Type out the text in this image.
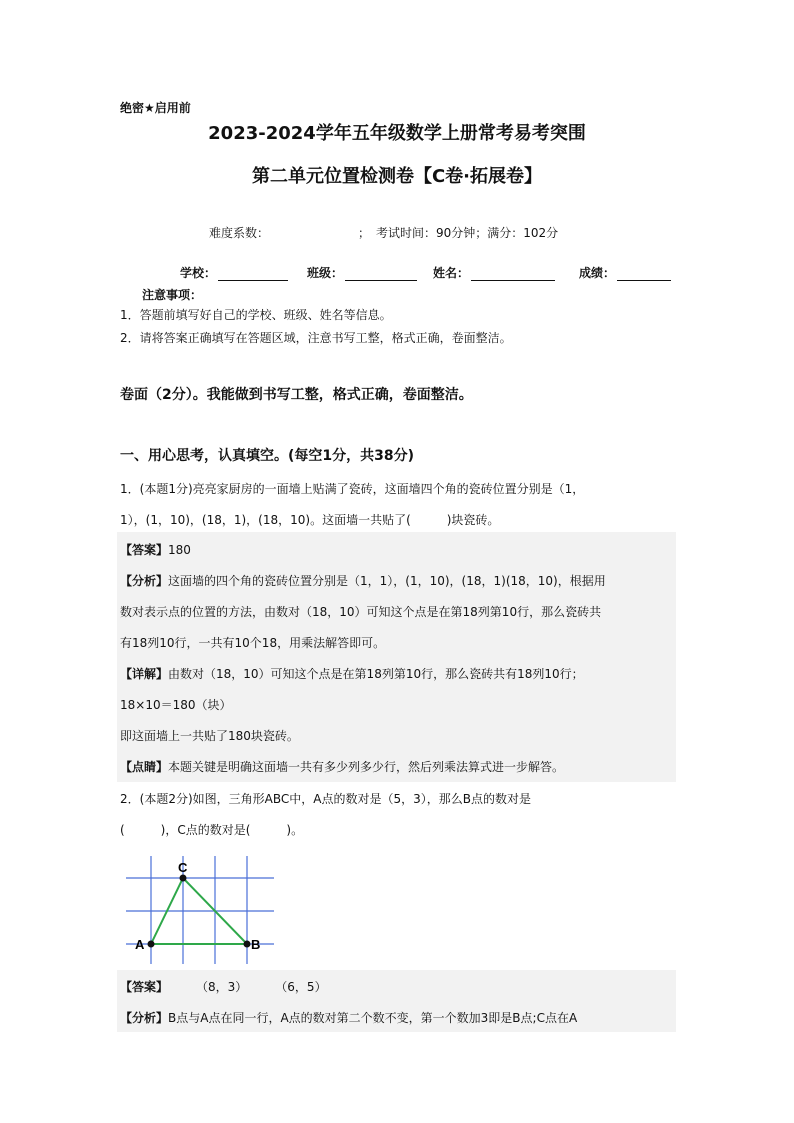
绝密★启用前
2023-2024学年五年级数学上册常考易考突围
第二单元位置检测卷【C卷·拓展卷】
难度系数：	； 考试时间：90分钟；满分：102分
学校：	班级：	姓名：	成绩：
注意事项：
1．答题前填写好自己的学校、班级、姓名等信息。
2．请将答案正确填写在答题区域，注意书写工整，格式正确，卷面整洁。
卷面（2分）。我能做到书写工整，格式正确，卷面整洁。
一、用心思考，认真填空。(每空1分，共38分)
1．(本题1分)亮亮家厨房的一面墙上贴满了瓷砖，这面墙四个角的瓷砖位置分别是（1，
1），(1，10)，(18，1)，(18，10)。这面墙一共贴了(　　　)块瓷砖。
【答案】180
【分析】这面墙的四个角的瓷砖位置分别是（1，1），(1，10)，(18，1)(18，10)，根据用
数对表示点的位置的方法，由数对（18，10）可知这个点是在第18列第10行，那么瓷砖共
有18列10行，一共有10个18，用乘法解答即可。
【详解】由数对（18，10）可知这个点是在第18列第10行，那么瓷砖共有18列10行；
18×10＝180（块）
即这面墙上一共贴了180块瓷砖。
【点睛】本题关键是明确这面墙一共有多少列多少行，然后列乘法算式进一步解答。
2．(本题2分)如图，三角形ABC中，A点的数对是（5，3），那么B点的数对是
(　　　)，C点的数对是(　　　)。
A	B
C
【答案】 （8，3） （6，5）
【分析】B点与A点在同一行，A点的数对第二个数不变，第一个数加3即是B点;C点在A
